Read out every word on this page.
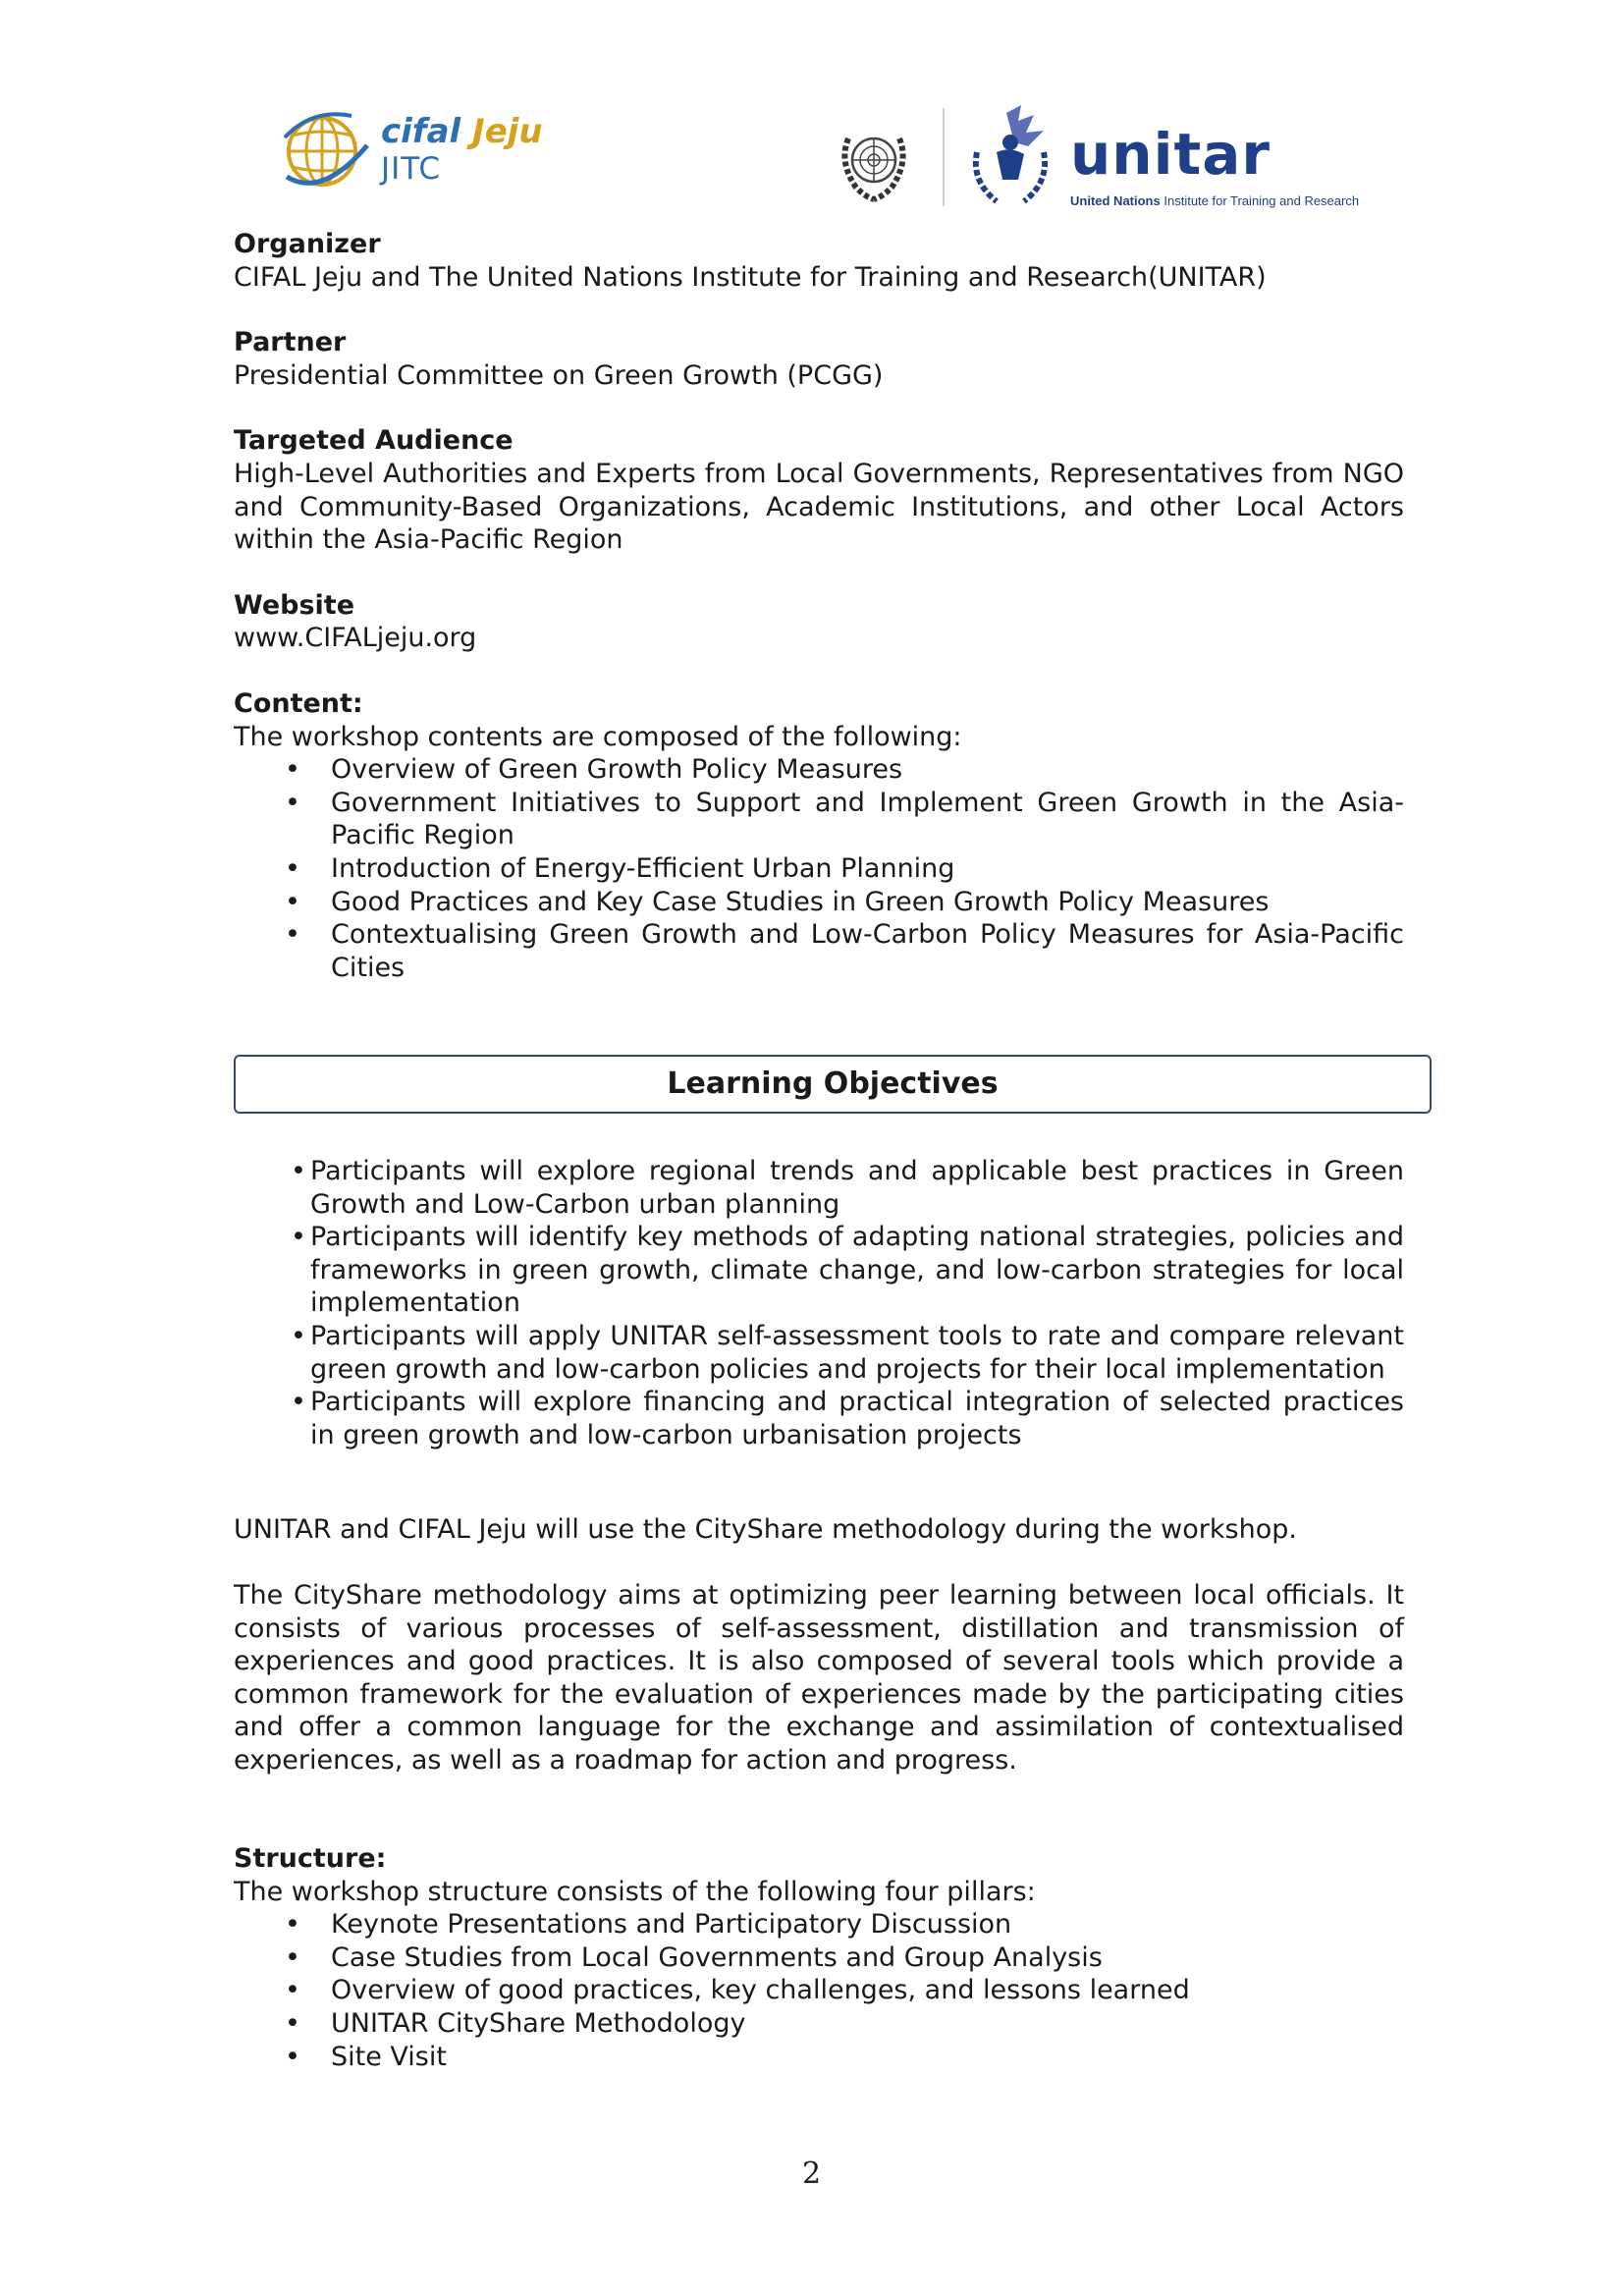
cifal Jeju
JITC	unitar
United Nations Institute for Training and Research
Organizer
CIFAL Jeju and The United Nations Institute for Training and Research(UNITAR)
Partner
Presidential Committee on Green Growth (PCGG)
Targeted Audience
High-Level Authorities and Experts from Local Governments, Representatives from NGO and Community-Based Organizations, Academic Institutions, and other Local Actors within the Asia-Pacific Region
Website
www.CIFALjeju.org
Content:
The workshop contents are composed of the following:
• Overview of Green Growth Policy Measures
• Government Initiatives to Support and Implement Green Growth in the Asia-Pacific Region
• Introduction of Energy-Efficient Urban Planning
• Good Practices and Key Case Studies in Green Growth Policy Measures
• Contextualising Green Growth and Low-Carbon Policy Measures for Asia-Pacific Cities
Learning Objectives
• Participants will explore regional trends and applicable best practices in Green Growth and Low-Carbon urban planning
• Participants will identify key methods of adapting national strategies, policies and frameworks in green growth, climate change, and low-carbon strategies for local implementation
• Participants will apply UNITAR self-assessment tools to rate and compare relevant green growth and low-carbon policies and projects for their local implementation
• Participants will explore financing and practical integration of selected practices in green growth and low-carbon urbanisation projects
UNITAR and CIFAL Jeju will use the CityShare methodology during the workshop.
The CityShare methodology aims at optimizing peer learning between local officials. It consists of various processes of self-assessment, distillation and transmission of experiences and good practices. It is also composed of several tools which provide a common framework for the evaluation of experiences made by the participating cities and offer a common language for the exchange and assimilation of contextualised experiences, as well as a roadmap for action and progress.
Structure:
The workshop structure consists of the following four pillars:
• Keynote Presentations and Participatory Discussion
• Case Studies from Local Governments and Group Analysis
• Overview of good practices, key challenges, and lessons learned
• UNITAR CityShare Methodology
• Site Visit
2
